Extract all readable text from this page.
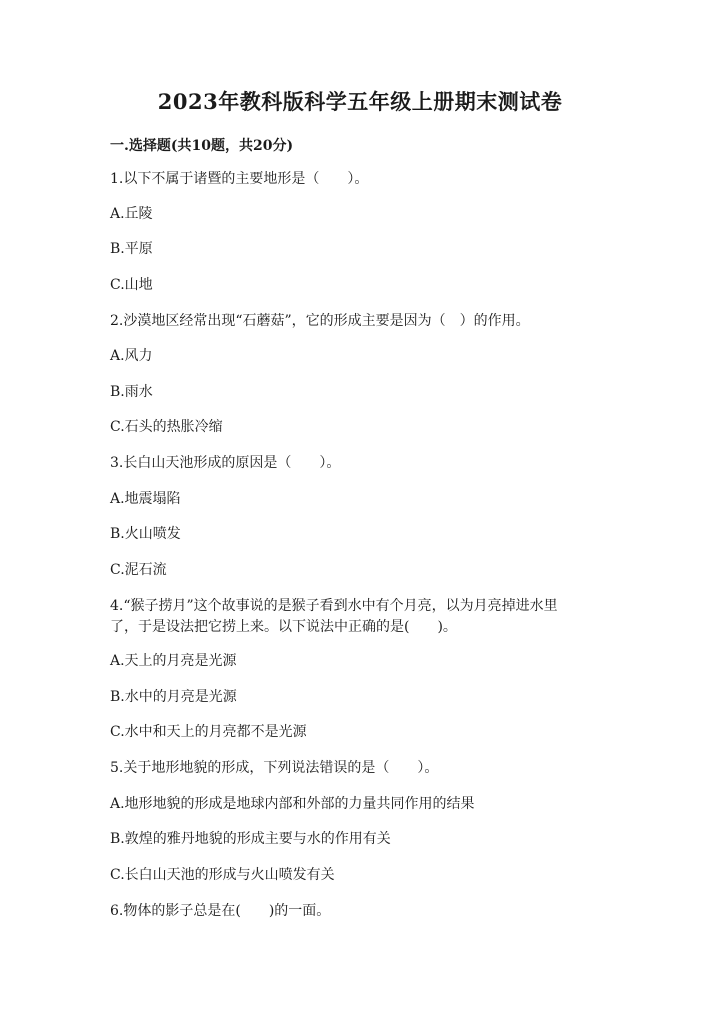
2023年教科版科学五年级上册期末测试卷
一.选择题(共10题，共20分)
1.以下不属于诸暨的主要地形是（　　）。
A.丘陵
B.平原
C.山地
2.沙漠地区经常出现“石蘑菇”，它的形成主要是因为（　）的作用。
A.风力
B.雨水
C.石头的热胀冷缩
3.长白山天池形成的原因是（　　）。
A.地震塌陷
B.火山喷发
C.泥石流
4.“猴子捞月”这个故事说的是猴子看到水中有个月亮，以为月亮掉进水里
了，于是设法把它捞上来。以下说法中正确的是(　　)。
A.天上的月亮是光源
B.水中的月亮是光源
C.水中和天上的月亮都不是光源
5.关于地形地貌的形成，下列说法错误的是（　　）。
A.地形地貌的形成是地球内部和外部的力量共同作用的结果
B.敦煌的雅丹地貌的形成主要与水的作用有关
C.长白山天池的形成与火山喷发有关
6.物体的影子总是在(　　)的一面。
